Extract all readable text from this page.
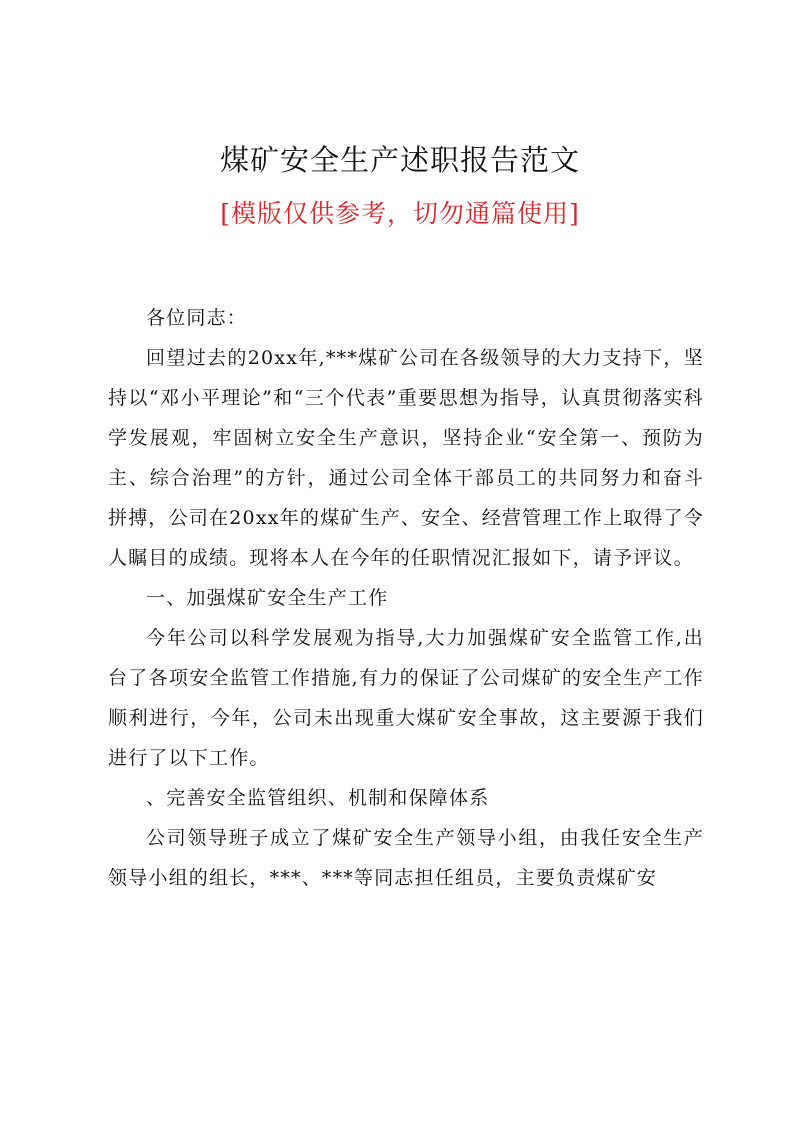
煤矿安全生产述职报告范文
[模版仅供参考，切勿通篇使用]

各位同志：

回望过去的20xx年,***煤矿公司在各级领导的大力支持下，坚持以“邓小平理论”和“三个代表”重要思想为指导，认真贯彻落实科学发展观，牢固树立安全生产意识，坚持企业“安全第一、预防为主、综合治理”的方针，通过公司全体干部员工的共同努力和奋斗拼搏，公司在20xx年的煤矿生产、安全、经营管理工作上取得了令人瞩目的成绩。现将本人在今年的任职情况汇报如下，请予评议。

一、加强煤矿安全生产工作

今年公司以科学发展观为指导,大力加强煤矿安全监管工作,出台了各项安全监管工作措施,有力的保证了公司煤矿的安全生产工作顺利进行，今年，公司未出现重大煤矿安全事故，这主要源于我们进行了以下工作。

、完善安全监管组织、机制和保障体系

公司领导班子成立了煤矿安全生产领导小组，由我任安全生产领导小组的组长，***、***等同志担任组员，主要负责煤矿安
